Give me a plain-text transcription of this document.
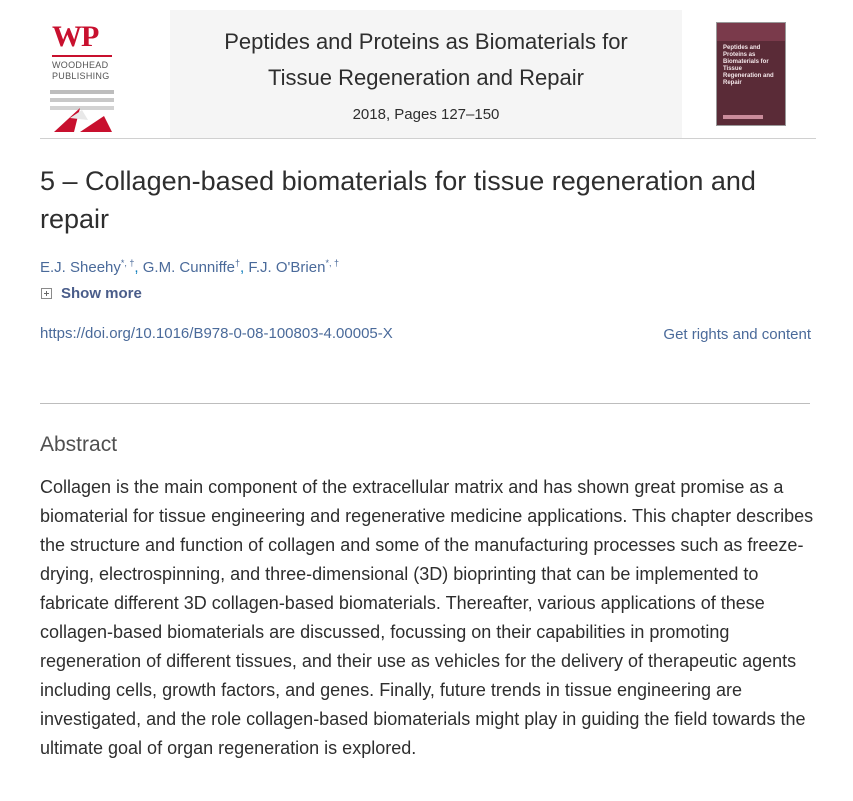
WP
WOODHEAD
PUBLISHING
Peptides and Proteins as Biomaterials for
Tissue Regeneration and Repair
2018, Pages 127–150
Peptides and Proteins as Biomaterials for Tissue Regeneration and Repair
5 – Collagen-based biomaterials for tissue regeneration and repair
E.J. Sheehy*, †, G.M. Cunniffe†, F.J. O'Brien*, †
Show more
https://doi.org/10.1016/B978-0-08-100803-4.00005-X	Get rights and content
Abstract

Collagen is the main component of the extracellular matrix and has shown great promise as a biomaterial for tissue engineering and regenerative medicine applications. This chapter describes the structure and function of collagen and some of the manufacturing processes such as freeze-drying, electrospinning, and three-dimensional (3D) bioprinting that can be implemented to fabricate different 3D collagen-based biomaterials. Thereafter, various applications of these collagen-based biomaterials are discussed, focussing on their capabilities in promoting regeneration of different tissues, and their use as vehicles for the delivery of therapeutic agents including cells, growth factors, and genes. Finally, future trends in tissue engineering are investigated, and the role collagen-based biomaterials might play in guiding the field towards the ultimate goal of organ regeneration is explored.
